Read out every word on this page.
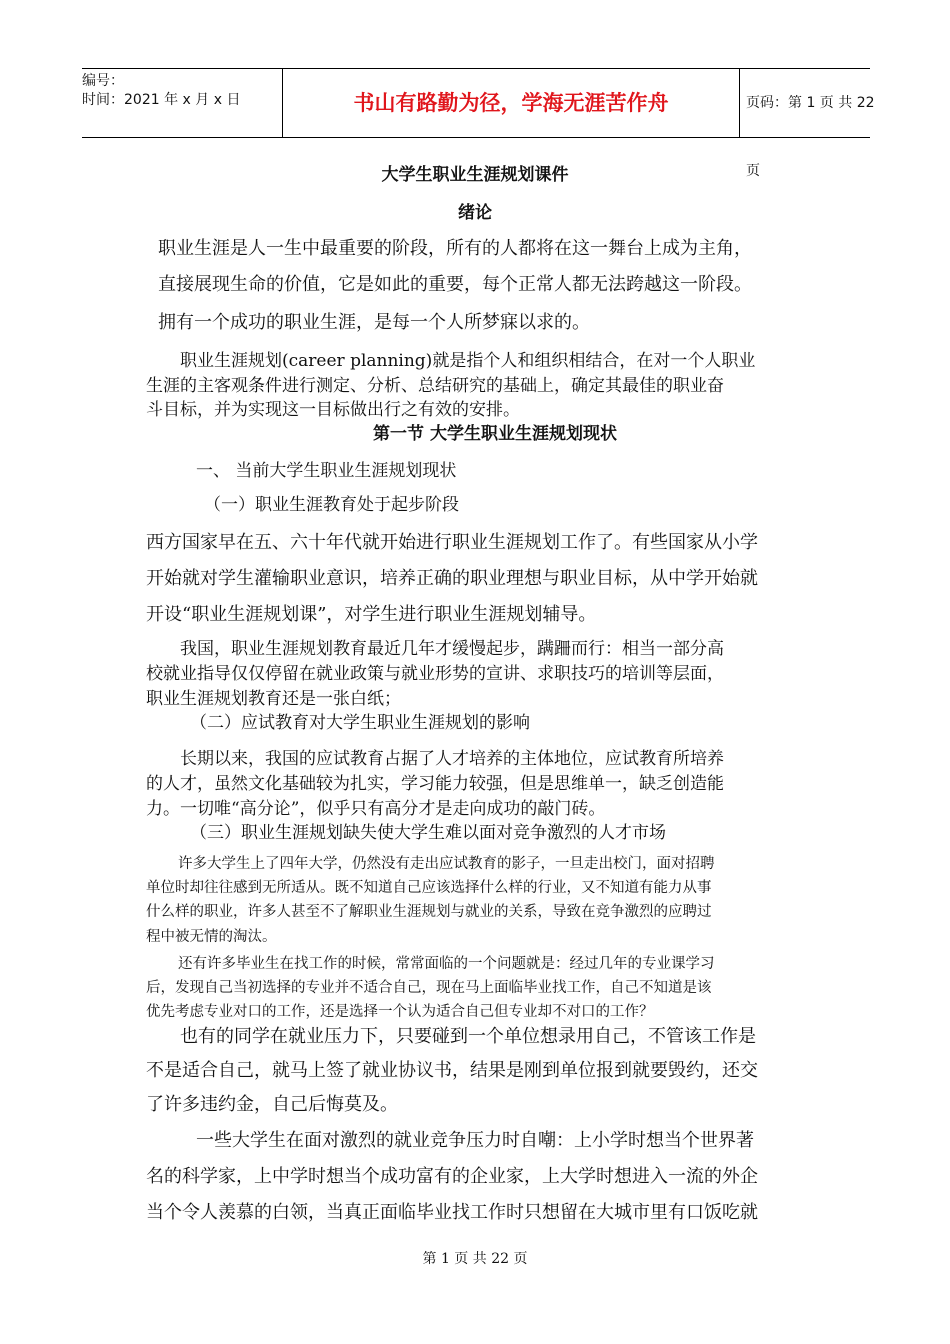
编号：
时间：2021 年 x 月 x 日	书山有路勤为径，学海无涯苦作舟	页码：第 1 页 共 22 页
大学生职业生涯规划课件
绪论
职业生涯是人一生中最重要的阶段，所有的人都将在这一舞台上成为主角，
直接展现生命的价值，它是如此的重要，每个正常人都无法跨越这一阶段。
拥有一个成功的职业生涯，是每一个人所梦寐以求的。
职业生涯规划(career planning)就是指个人和组织相结合，在对一个人职业
生涯的主客观条件进行测定、分析、总结研究的基础上，确定其最佳的职业奋
斗目标，并为实现这一目标做出行之有效的安排。
第一节 大学生职业生涯规划现状
一、 当前大学生职业生涯规划现状
（一）职业生涯教育处于起步阶段
西方国家早在五、六十年代就开始进行职业生涯规划工作了。有些国家从小学
开始就对学生灌输职业意识，培养正确的职业理想与职业目标，从中学开始就
开设“职业生涯规划课”，对学生进行职业生涯规划辅导。
我国，职业生涯规划教育最近几年才缓慢起步，蹒跚而行：相当一部分高
校就业指导仅仅停留在就业政策与就业形势的宣讲、求职技巧的培训等层面，
职业生涯规划教育还是一张白纸；
（二）应试教育对大学生职业生涯规划的影响
长期以来，我国的应试教育占据了人才培养的主体地位，应试教育所培养
的人才，虽然文化基础较为扎实，学习能力较强，但是思维单一，缺乏创造能
力。一切唯“高分论”，似乎只有高分才是走向成功的敲门砖。
（三）职业生涯规划缺失使大学生难以面对竞争激烈的人才市场
许多大学生上了四年大学，仍然没有走出应试教育的影子，一旦走出校门，面对招聘
单位时却往往感到无所适从。既不知道自己应该选择什么样的行业，又不知道有能力从事
什么样的职业，许多人甚至不了解职业生涯规划与就业的关系，导致在竞争激烈的应聘过
程中被无情的淘汰。
还有许多毕业生在找工作的时候，常常面临的一个问题就是：经过几年的专业课学习
后，发现自己当初选择的专业并不适合自己，现在马上面临毕业找工作，自己不知道是该
优先考虑专业对口的工作，还是选择一个认为适合自己但专业却不对口的工作？
也有的同学在就业压力下，只要碰到一个单位想录用自己，不管该工作是
不是适合自己，就马上签了就业协议书，结果是刚到单位报到就要毁约，还交
了许多违约金，自己后悔莫及。
一些大学生在面对激烈的就业竞争压力时自嘲：上小学时想当个世界著
名的科学家，上中学时想当个成功富有的企业家，上大学时想进入一流的外企
当个令人羡慕的白领，当真正面临毕业找工作时只想留在大城市里有口饭吃就
第 1 页 共 22 页
